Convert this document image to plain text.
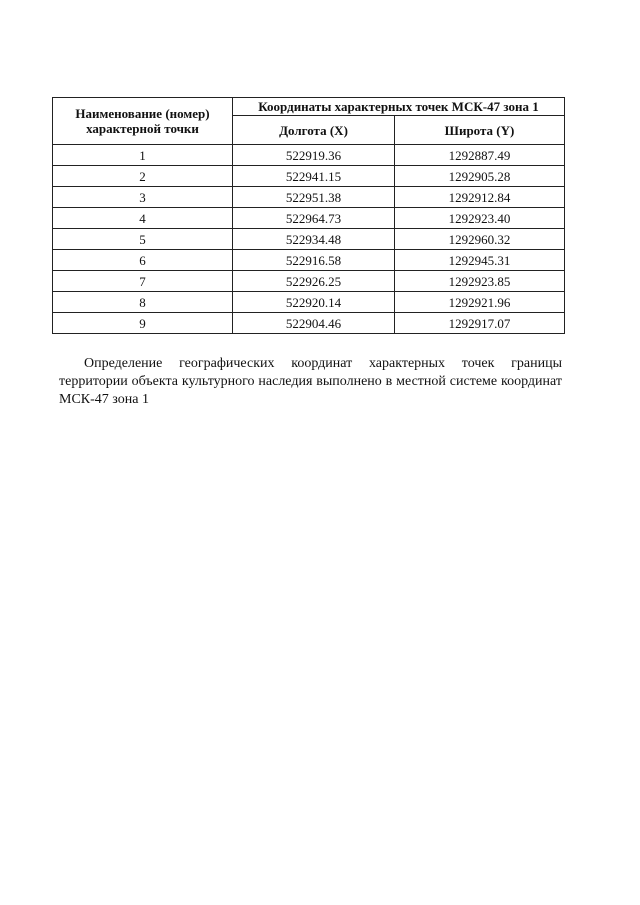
Наименование (номер) характерной точки	Координаты характерных точек МСК-47 зона 1	
	Долгота (X)	Широта (Y)
1	522919.36	1292887.49
2	522941.15	1292905.28
3	522951.38	1292912.84
4	522964.73	1292923.40
5	522934.48	1292960.32
6	522916.58	1292945.31
7	522926.25	1292923.85
8	522920.14	1292921.96
9	522904.46	1292917.07

Определение географических координат характерных точек границы территории объекта культурного наследия выполнено в местной системе координат МСК-47 зона 1
